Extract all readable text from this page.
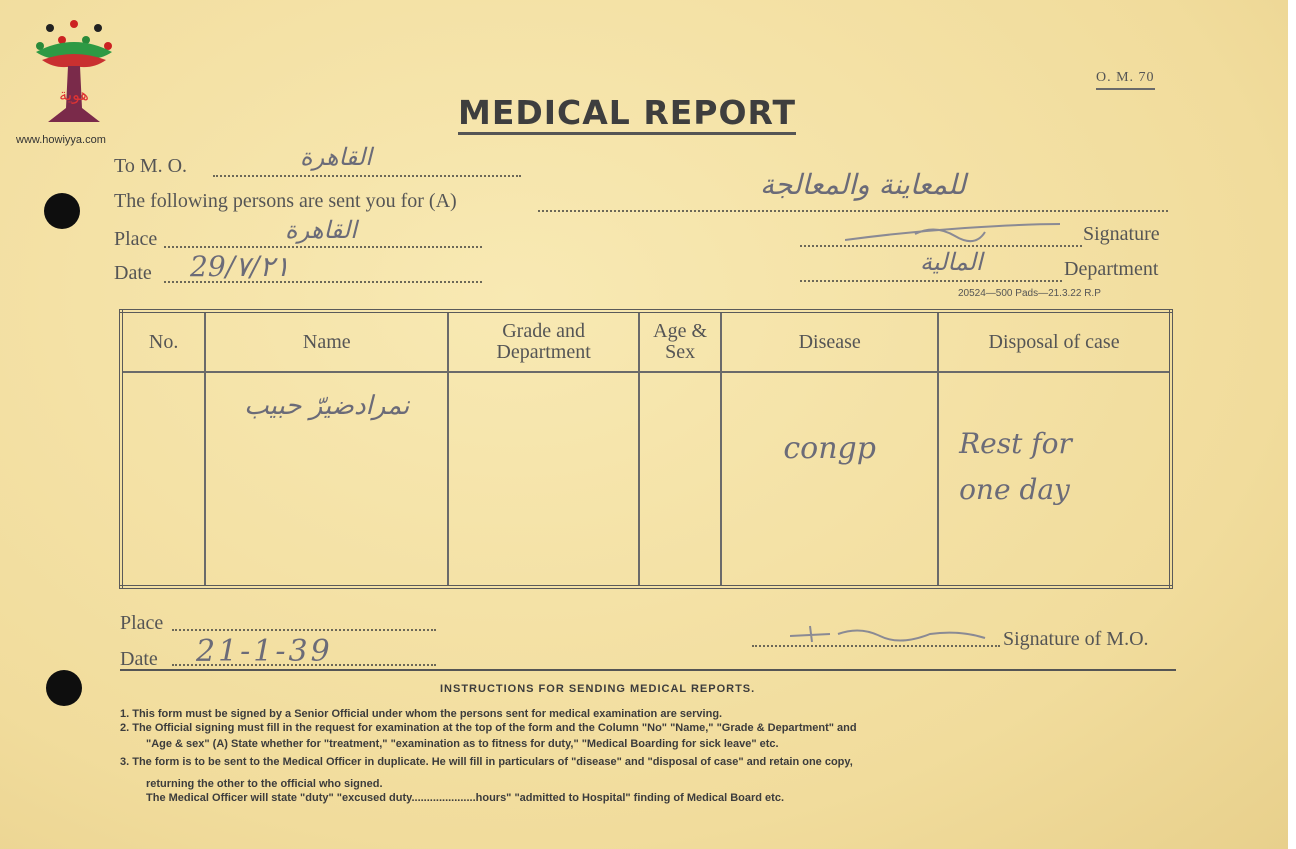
هوية
www.howiyya.com
O. M. 70
MEDICAL REPORT
To M. O.	القاهرة
The following persons are sent you for (A)	للمعاينة والمعالجة
Place	القاهرة
Date 29/٧/٢١
Signature
المالية	Department
20524—500 Pads—21.3.22 R.P
No.	Name	Grade and Department	Age & Sex	Disease	Disposal of case

	نمرادضيرّ حبيب			congp	Rest for one day
Place
Date 21-1-39	Signature of M.O.
INSTRUCTIONS FOR SENDING MEDICAL REPORTS.
1. This form must be signed by a Senior Official under whom the persons sent for medical examination are serving.
2. The Official signing must fill in the request for examination at the top of the form and the Column "No" "Name," "Grade & Department" and
"Age & sex" (A) State whether for "treatment," "examination as to fitness for duty," "Medical Boarding for sick leave" etc.
3. The form is to be sent to the Medical Officer in duplicate. He will fill in particulars of "disease" and "disposal of case" and retain one copy,
returning the other to the official who signed.
The Medical Officer will state "duty" "excused duty.....................hours" "admitted to Hospital" finding of Medical Board etc.
